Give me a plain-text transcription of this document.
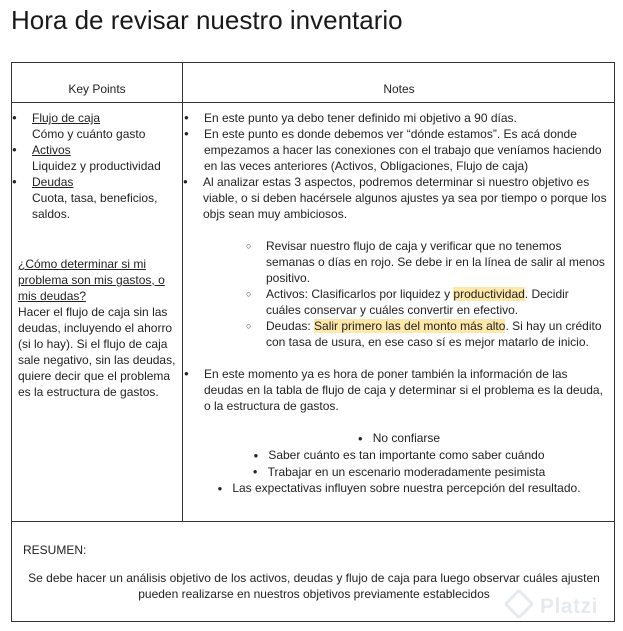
Hora de revisar nuestro inventario
Key Points	Notes
● Flujo de caja
Cómo y cuánto gasto
● Activos
Liquidez y productividad
● Deudas
Cuota, tasa, beneficios, saldos.
¿Cómo determinar si mi problema son mis gastos, o mis deudas?
Hacer el flujo de caja sin las deudas, incluyendo el ahorro (si lo hay). Si el flujo de caja sale negativo, sin las deudas, quiere decir que el problema es la estructura de gastos.
● En este punto ya debo tener definido mi objetivo a 90 días.
● En este punto es donde debemos ver “dónde estamos”. Es acá donde empezamos a hacer las conexiones con el trabajo que veníamos haciendo en las veces anteriores (Activos, Obligaciones, Flujo de caja)
● Al analizar estas 3 aspectos, podremos determinar si nuestro objetivo es viable, o si deben hacérsele algunos ajustes ya sea por tiempo o porque los objs sean muy ambiciosos.
○ Revisar nuestro flujo de caja y verificar que no tenemos semanas o días en rojo. Se debe ir en la línea de salir al menos positivo.
○ Activos: Clasificarlos por liquidez y productividad. Decidir cuáles conservar y cuáles convertir en efectivo.
○ Deudas: Salir primero las del monto más alto. Si hay un crédito con tasa de usura, en ese caso sí es mejor matarlo de inicio.
● En este momento ya es hora de poner también la información de las deudas en la tabla de flujo de caja y determinar si el problema es la deuda, o la estructura de gastos.
● No confiarse
● Saber cuánto es tan importante como saber cuándo
● Trabajar en un escenario moderadamente pesimista
● Las expectativas influyen sobre nuestra percepción del resultado.
RESUMEN:
Se debe hacer un análisis objetivo de los activos, deudas y flujo de caja para luego observar cuáles ajusten pueden realizarse en nuestros objetivos previamente establecidos
Platzi
